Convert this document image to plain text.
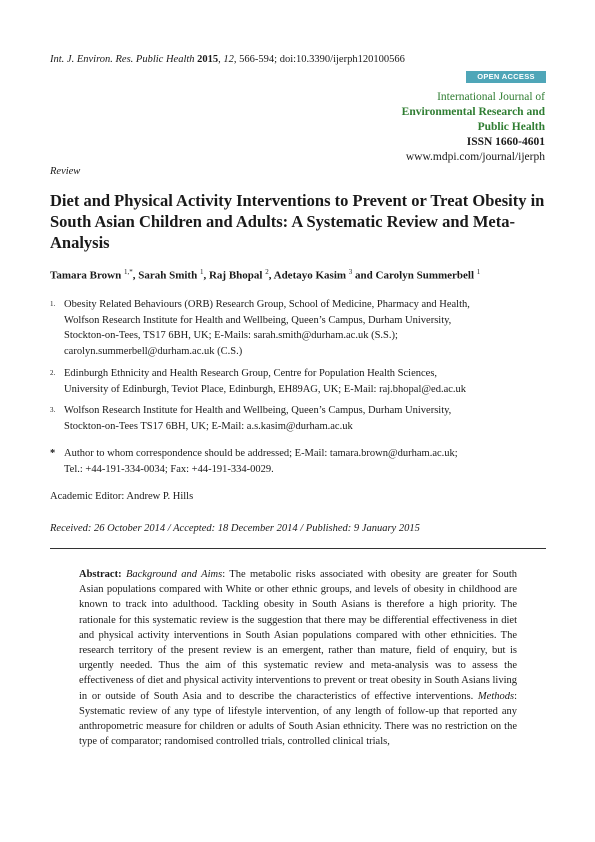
Int. J. Environ. Res. Public Health 2015, 12, 566-594; doi:10.3390/ijerph120100566
OPEN ACCESS
International Journal of
Environmental Research and
Public Health
ISSN 1660-4601
www.mdpi.com/journal/ijerph
Review
Diet and Physical Activity Interventions to Prevent or Treat Obesity in South Asian Children and Adults: A Systematic Review and Meta-Analysis
Tamara Brown $^{1,*}$, Sarah Smith $^1$, Raj Bhopal $^2$, Adetayo Kasim $^3$ and Carolyn Summerbell $^1$
1. Obesity Related Behaviours (ORB) Research Group, School of Medicine, Pharmacy and Health,
Wolfson Research Institute for Health and Wellbeing, Queen’s Campus, Durham University,
Stockton-on-Tees, TS17 6BH, UK; E-Mails: sarah.smith@durham.ac.uk (S.S.);
carolyn.summerbell@durham.ac.uk (C.S.)
2. Edinburgh Ethnicity and Health Research Group, Centre for Population Health Sciences,
University of Edinburgh, Teviot Place, Edinburgh, EH89AG, UK; E-Mail: raj.bhopal@ed.ac.uk
3. Wolfson Research Institute for Health and Wellbeing, Queen’s Campus, Durham University,
Stockton-on-Tees TS17 6BH, UK; E-Mail: a.s.kasim@durham.ac.uk
* Author to whom correspondence should be addressed; E-Mail: tamara.brown@durham.ac.uk;
Tel.: +44-191-334-0034; Fax: +44-191-334-0029.
Academic Editor: Andrew P. Hills
Received: 26 October 2014 / Accepted: 18 December 2014 / Published: 9 January 2015
Abstract: Background and Aims: The metabolic risks associated with obesity are greater for South Asian populations compared with White or other ethnic groups, and levels of obesity in childhood are known to track into adulthood. Tackling obesity in South Asians is therefore a high priority. The rationale for this systematic review is the suggestion that there may be differential effectiveness in diet and physical activity interventions in South Asian populations compared with other ethnicities. The research territory of the present review is an emergent, rather than mature, field of enquiry, but is urgently needed. Thus the aim of this systematic review and meta-analysis was to assess the effectiveness of diet and physical activity interventions to prevent or treat obesity in South Asians living in or outside of South Asia and to describe the characteristics of effective interventions. Methods: Systematic review of any type of lifestyle intervention, of any length of follow-up that reported any anthropometric measure for children or adults of South Asian ethnicity. There was no restriction on the type of comparator; randomised controlled trials, controlled clinical trials,
